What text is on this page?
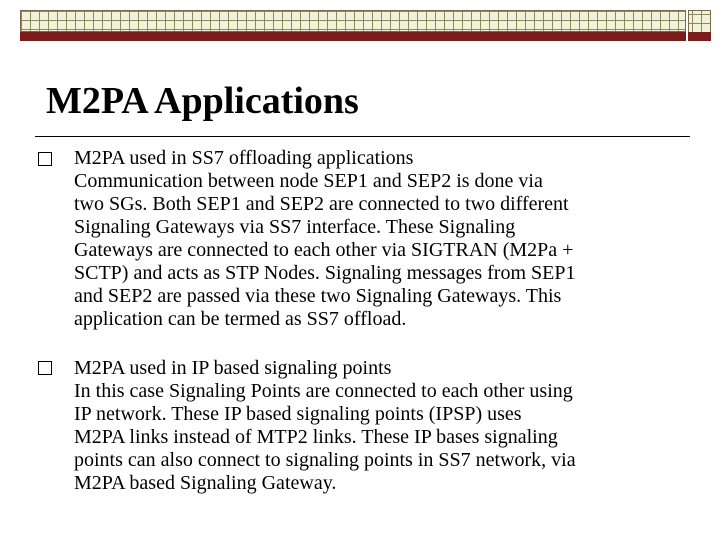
M2PA Applications
M2PA used in SS7 offloading applications
Communication between node SEP1 and SEP2 is done via
two SGs. Both SEP1 and SEP2 are connected to two different
Signaling Gateways via SS7 interface. These Signaling
Gateways are connected to each other via SIGTRAN (M2Pa +
SCTP) and acts as STP Nodes. Signaling messages from SEP1
and SEP2 are passed via these two Signaling Gateways. This
application can be termed as SS7 offload.
M2PA used in IP based signaling points
In this case Signaling Points are connected to each other using
IP network. These IP based signaling points (IPSP) uses
M2PA links instead of MTP2 links. These IP bases signaling
points can also connect to signaling points in SS7 network, via
M2PA based Signaling Gateway.
